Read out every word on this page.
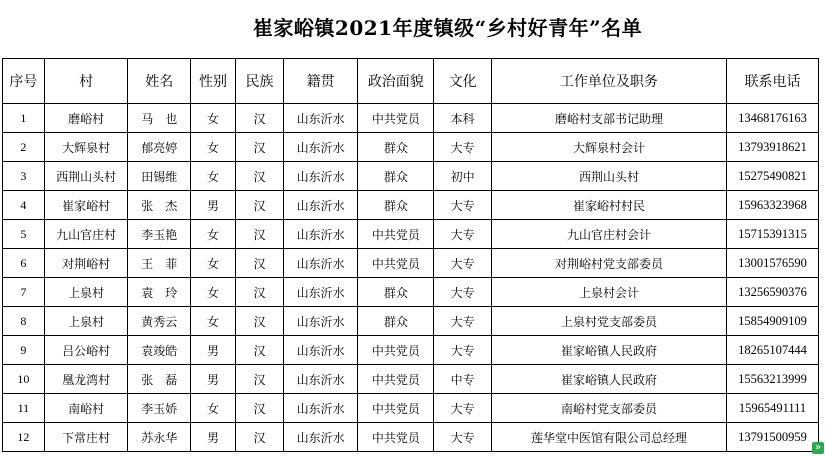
崔家峪镇2021年度镇级“乡村好青年”名单
序号	村	姓名	性别	民族	籍贯	政治面貌	文化	工作单位及职务	联系电话
1	磨峪村	马　也	女	汉	山东沂水	中共党员	本科	磨峪村支部书记助理	13468176163
2	大辉泉村	郁亮婷	女	汉	山东沂水	群众	大专	大辉泉村会计	13793918621
3	西荆山头村	田锡维	女	汉	山东沂水	群众	初中	西荆山头村	15275490821
4	崔家峪村	张　杰	男	汉	山东沂水	群众	大专	崔家峪村村民	15963323968
5	九山官庄村	李玉艳	女	汉	山东沂水	中共党员	大专	九山官庄村会计	15715391315
6	对荆峪村	王　菲	女	汉	山东沂水	中共党员	大专	对荆峪村党支部委员	13001576590
7	上泉村	袁　玲	女	汉	山东沂水	群众	大专	上泉村会计	13256590376
8	上泉村	黄秀云	女	汉	山东沂水	群众	大专	上泉村党支部委员	15854909109
9	吕公峪村	袁竣皓	男	汉	山东沂水	中共党员	大专	崔家峪镇人民政府	18265107444
10	凰龙湾村	张　磊	男	汉	山东沂水	中共党员	中专	崔家峪镇人民政府	15563213999
11	南峪村	李玉娇	女	汉	山东沂水	中共党员	大专	南峪村党支部委员	15965491111
12	下常庄村	苏永华	男	汉	山东沂水	中共党员	大专	莲华堂中医馆有限公司总经理	13791500959
»
